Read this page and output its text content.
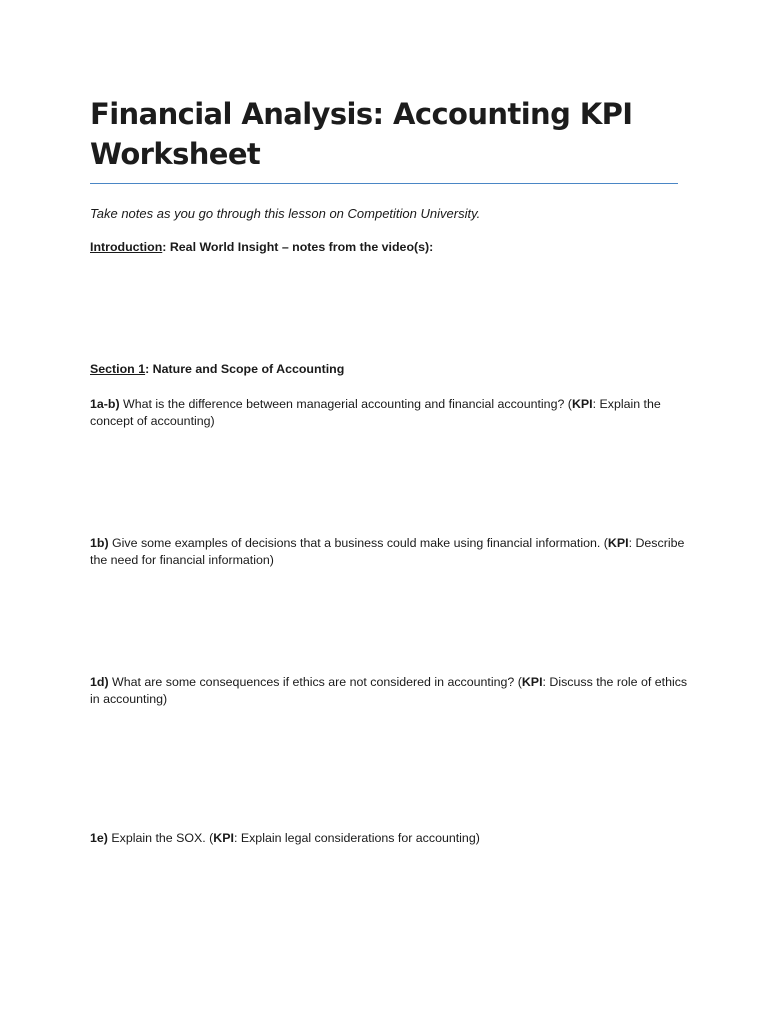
Financial Analysis: Accounting KPI Worksheet

Take notes as you go through this lesson on Competition University.

Introduction: Real World Insight – notes from the video(s):

Section 1: Nature and Scope of Accounting

1a-b) What is the difference between managerial accounting and financial accounting? (KPI: Explain the concept of accounting)

1b) Give some examples of decisions that a business could make using financial information. (KPI: Describe the need for financial information)

1d) What are some consequences if ethics are not considered in accounting? (KPI: Discuss the role of ethics in accounting)

1e) Explain the SOX. (KPI: Explain legal considerations for accounting)
